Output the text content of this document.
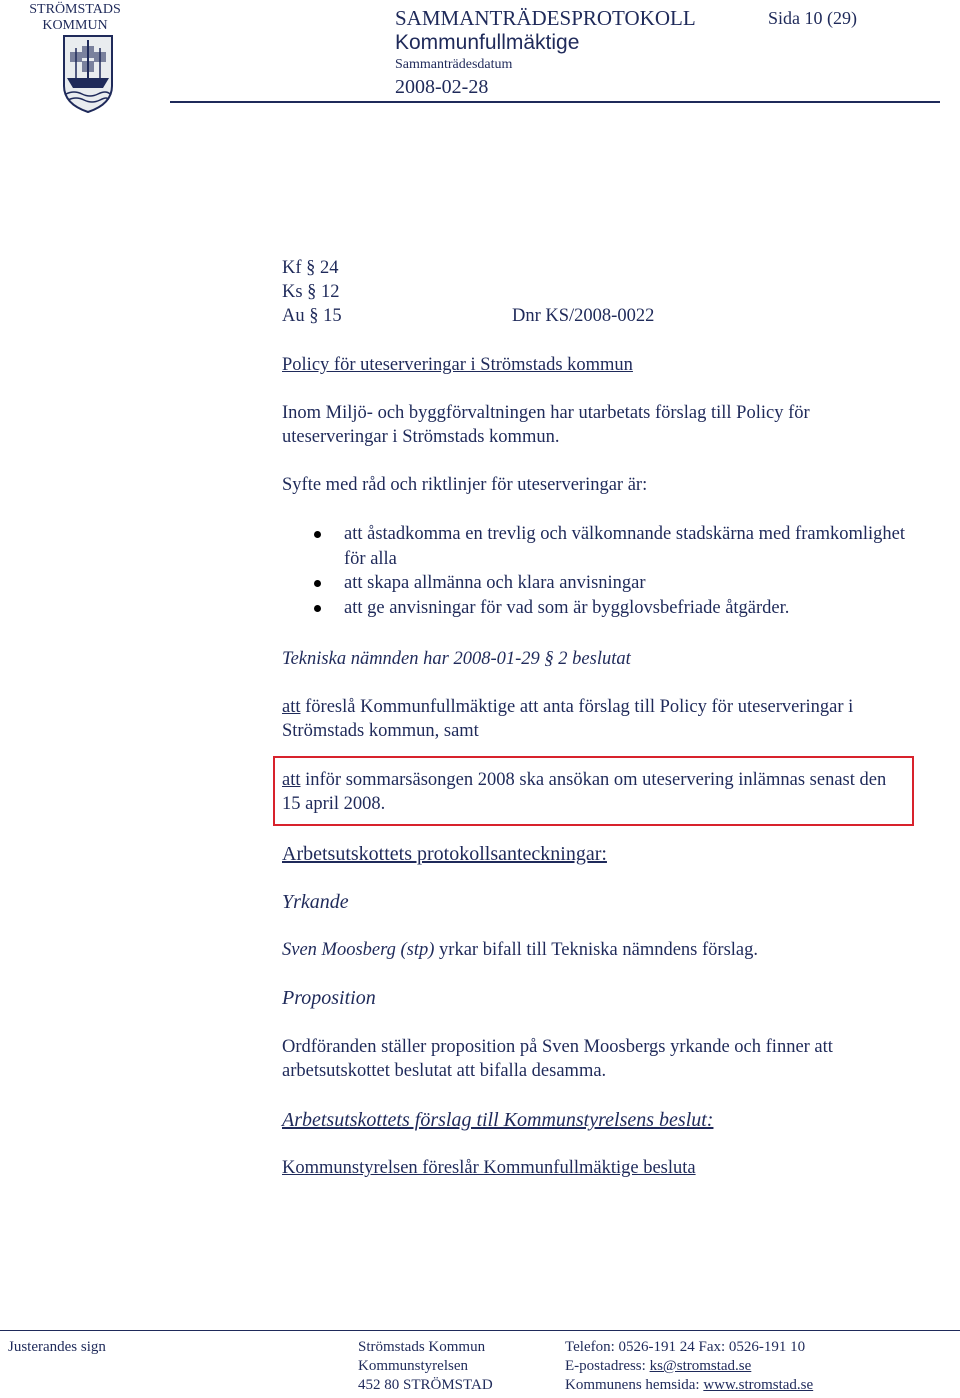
STRÖMSTADS
KOMMUN	SAMMANTRÄDESPROTOKOLL	Sida 10 (29)
Kommunfullmäktige
Sammanträdesdatum
2008-02-28
Kf § 24
Ks § 12
Au § 15	Dnr KS/2008-0022
Policy för uteserveringar i Strömstads kommun
Inom Miljö- och byggförvaltningen har utarbetats förslag till Policy för uteserveringar i Strömstads kommun.
Syfte med råd och riktlinjer för uteserveringar är:
att åstadkomma en trevlig och välkomnande stadskärna med framkomlighet för alla
att skapa allmänna och klara anvisningar
att ge anvisningar för vad som är bygglovsbefriade åtgärder.
Tekniska nämnden har 2008-01-29 § 2 beslutat
att föreslå Kommunfullmäktige att anta förslag till Policy för uteserveringar i Strömstads kommun, samt
att inför sommarsäsongen 2008 ska ansökan om uteservering inlämnas senast den 15 april 2008.
Arbetsutskottets protokollsanteckningar:
Yrkande
Sven Moosberg (stp) yrkar bifall till Tekniska nämndens förslag.
Proposition
Ordföranden ställer proposition på Sven Moosbergs yrkande och finner att arbetsutskottet beslutat att bifalla desamma.
Arbetsutskottets förslag till Kommunstyrelsens beslut:
Kommunstyrelsen föreslår Kommunfullmäktige besluta
Justerandes sign	Strömstads Kommun
Kommunstyrelsen
452 80 STRÖMSTAD
Telefon: 0526-191 24 Fax: 0526-191 10
E-postadress: ks@stromstad.se
Kommunens hemsida: www.stromstad.se
